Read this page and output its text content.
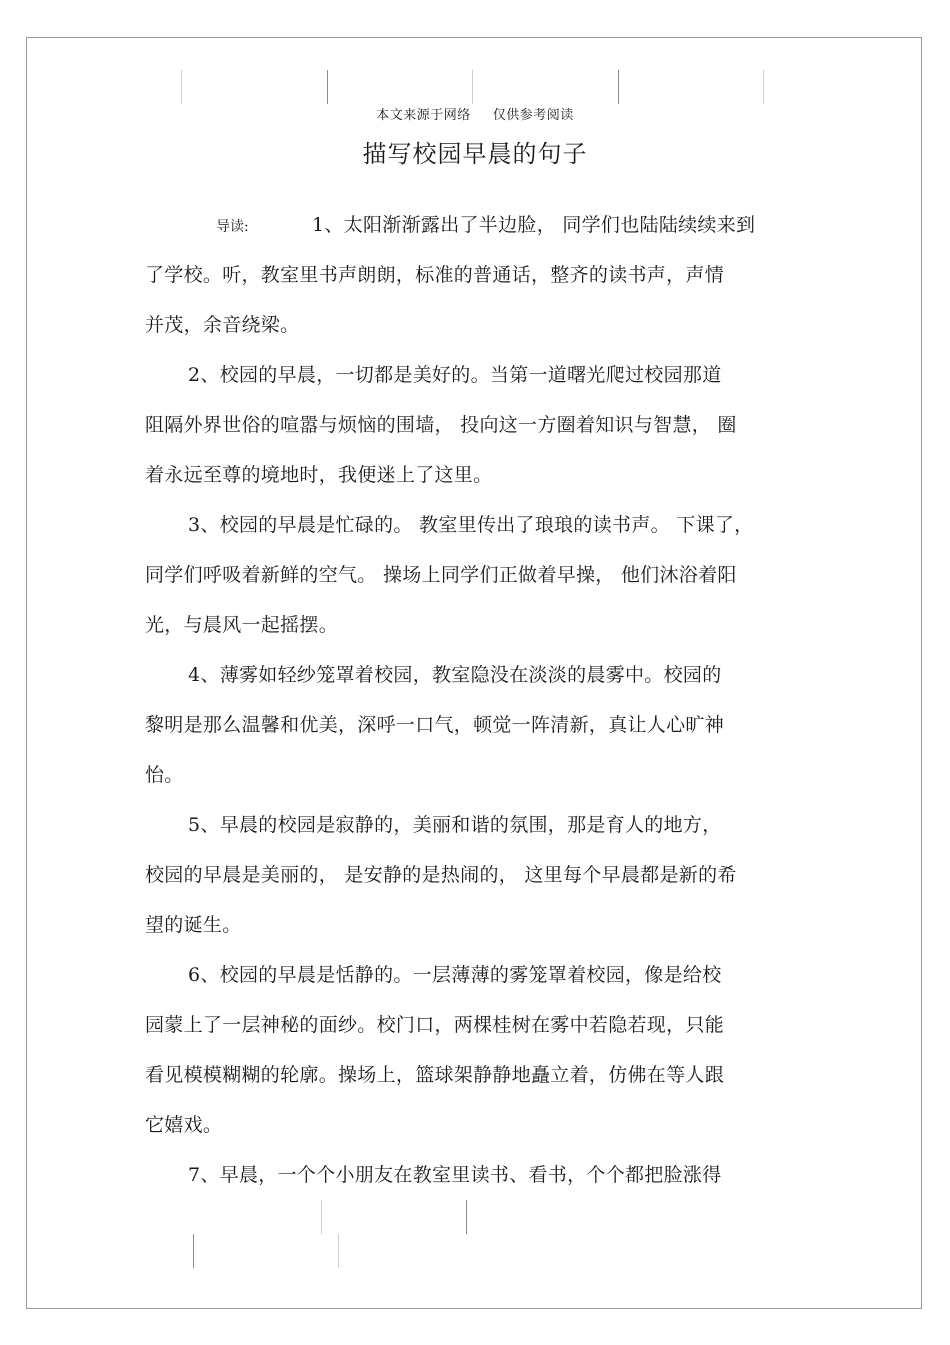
本文来源于网络 仅供参考阅读
描写校园早晨的句子
导读:	1、太阳渐渐露出了半边脸， 同学们也陆陆续续来到
了学校。听，教室里书声朗朗，标准的普通话，整齐的读书声，声情
并茂，余音绕梁。
2、校园的早晨，一切都是美好的。当第一道曙光爬过校园那道
阻隔外界世俗的喧嚣与烦恼的围墙， 投向这一方圈着知识与智慧， 圈
着永远至尊的境地时，我便迷上了这里。
3、校园的早晨是忙碌的。 教室里传出了琅琅的读书声。 下课了，
同学们呼吸着新鲜的空气。 操场上同学们正做着早操， 他们沐浴着阳
光，与晨风一起摇摆。
4、薄雾如轻纱笼罩着校园，教室隐没在淡淡的晨雾中。校园的
黎明是那么温馨和优美，深呼一口气，顿觉一阵清新，真让人心旷神
怡。
5、早晨的校园是寂静的，美丽和谐的氛围，那是育人的地方，
校园的早晨是美丽的， 是安静的是热闹的， 这里每个早晨都是新的希
望的诞生。
6、校园的早晨是恬静的。一层薄薄的雾笼罩着校园，像是给校
园蒙上了一层神秘的面纱。校门口，两棵桂树在雾中若隐若现，只能
看见模模糊糊的轮廓。操场上，篮球架静静地矗立着，仿佛在等人跟
它嬉戏。
7、早晨，一个个小朋友在教室里读书、看书，个个都把脸涨得
